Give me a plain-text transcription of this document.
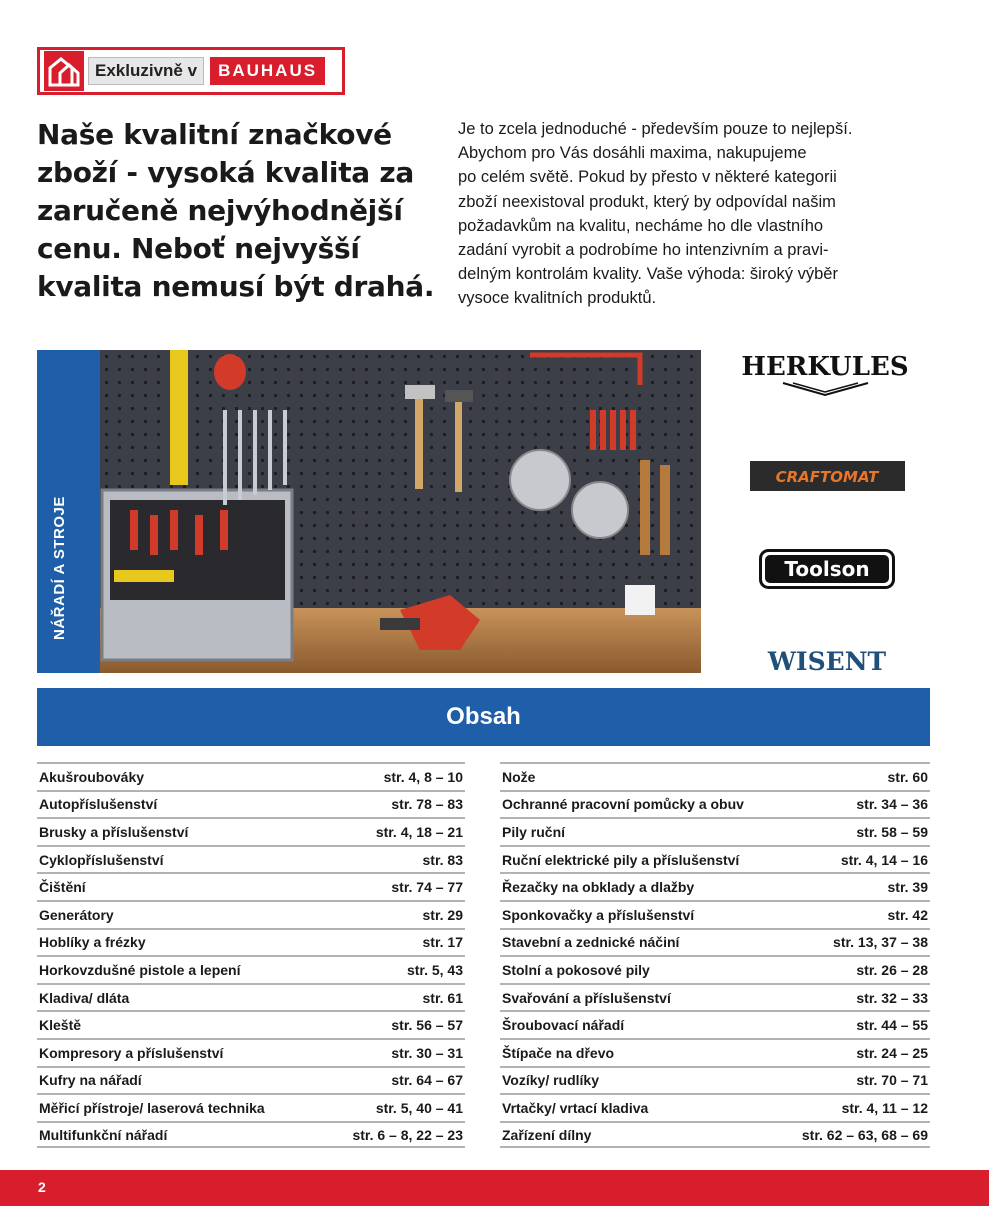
Exkluzivně v	BAUHAUS

Naše kvalitní značkové zboží - vysoká kvalita za zaručeně nejvýhodnější cenu. Neboť nejvyšší kvalita nemusí být drahá.

Je to zcela jednoduché - především pouze to nejlepší.
Abychom pro Vás dosáhli maxima, nakupujeme
po celém světě. Pokud by přesto v některé kategorii
zboží neexistoval produkt, který by odpovídal našim
požadavkům na kvalitu, necháme ho dle vlastního
zadání vyrobit a podrobíme ho intenzivním a pravi-
delným kontrolám kvality. Vaše výhoda: široký výběr
vysoce kvalitních produktů.

NÁŘADÍ A STROJE
HERKULES
CRAFTOMAT
Toolson
WISENT
Obsah
Akušroubováky	str. 4, 8 – 10
Autopříslušenství	str. 78 – 83
Brusky a příslušenství	str. 4, 18 – 21
Cyklopříslušenství	str. 83
Čištění	str. 74 – 77
Generátory	str. 29
Hoblíky a frézky	str. 17
Horkovzdušné pistole a lepení	str. 5, 43
Kladiva/ dláta	str. 61
Kleště	str. 56 – 57
Kompresory a příslušenství	str. 30 – 31
Kufry na nářadí	str. 64 – 67
Měřicí přístroje/ laserová technika	str. 5, 40 – 41
Multifunkční nářadí	str. 6 – 8, 22 – 23
Nože	str. 60
Ochranné pracovní pomůcky a obuv	str. 34 – 36
Pily ruční	str. 58 – 59
Ruční elektrické pily a příslušenství	str. 4, 14 – 16
Řezačky na obklady a dlažby	str. 39
Sponkovačky a příslušenství	str. 42
Stavební a zednické náčiní	str. 13, 37 – 38
Stolní a pokosové pily	str. 26 – 28
Svařování a příslušenství	str. 32 – 33
Šroubovací nářadí	str. 44 – 55
Štípače na dřevo	str. 24 – 25
Vozíky/ rudlíky	str. 70 – 71
Vrtačky/ vrtací kladiva	str. 4, 11 – 12
Zařízení dílny	str. 62 – 63, 68 – 69
2
